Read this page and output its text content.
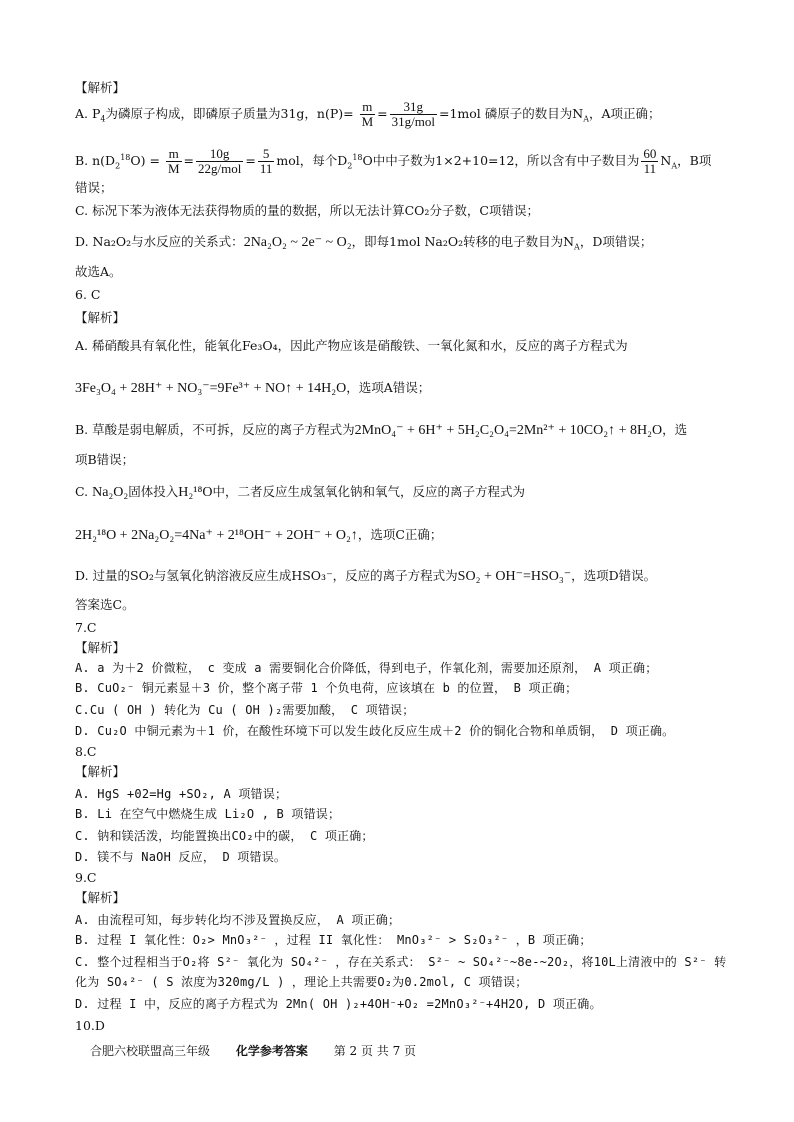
【解析】
A. $P_4$为磷原子构成，即磷原子质量为31g，$n(P)= \frac{m}{M} = \frac{31g}{\text{31g/mol}} =1mol$ 磷原子的数目为$N_A$，A项正确；
B. $n(D_2^{18}O) = \frac{m}{M} = \frac{10g}{\text{22g/mol}} = \frac{5}{11}$ mol，每个$D_2^{18}O$中中子数为1×2+10=12，所以含有中子数目为 $\frac{60}{11} N_A$，B项
错误；
C. 标况下苯为液体无法获得物质的量的数据，所以无法计算CO₂分子数，C项错误；
D. Na₂O₂与水反应的关系式：2Na₂O₂ ~ 2e⁻ ~ O₂，即每1mol Na₂O₂转移的电子数目为$N_A$，D项错误；
故选A。
6. C
【解析】
A. 稀硝酸具有氧化性，能氧化Fe₃O₄，因此产物应该是硝酸铁、一氧化氮和水，反应的离子方程式为
3Fe₃O₄ + 28H⁺ + NO₃⁻=9Fe³⁺ + NO↑ + 14H₂O，选项A错误；
B. 草酸是弱电解质，不可拆，反应的离子方程式为2MnO₄⁻ + 6H⁺ + 5H₂C₂O₄=2Mn²⁺ + 10CO₂↑ + 8H₂O，选
项B错误；
C. Na₂O₂固体投入H₂¹⁸O中，二者反应生成氢氧化钠和氧气，反应的离子方程式为
2H₂¹⁸O + 2Na₂O₂=4Na⁺ + 2¹⁸OH⁻ + 2OH⁻ + O₂↑，选项C正确；
D. 过量的SO₂与氢氧化钠溶液反应生成HSO₃⁻，反应的离子方程式为SO₂ + OH⁻=HSO₃⁻，选项D错误。
答案选C。
7.C
【解析】
A. a 为＋2 价微粒， c 变成 a 需要铜化合价降低，得到电子，作氧化剂，需要加还原剂， A 项正确；
B. CuO₂⁻ 铜元素显＋3 价，整个离子带 1 个负电荷，应该填在 b 的位置， B 项正确；
C.Cu ( OH ) 转化为 Cu ( OH )₂需要加酸， C 项错误；
D. Cu₂O 中铜元素为＋1 价，在酸性环境下可以发生歧化反应生成＋2 价的铜化合物和单质铜， D 项正确。
8.C
【解析】
A. HgS +02=Hg +SO₂, A 项错误；
B. Li 在空气中燃烧生成 Li₂O , B 项错误；
C. 钠和镁活泼，均能置换出CO₂中的碳， C 项正确；
D. 镁不与 NaOH 反应， D 项错误。
9.C
【解析】
A. 由流程可知，每步转化均不涉及置换反应， A 项正确；
B. 过程 I 氧化性：O₂> MnO₃²⁻ ，过程 II 氧化性： MnO₃²⁻ > S₂O₃²⁻ ，B 项正确；
C. 整个过程相当于O₂将 S²⁻ 氧化为 SO₄²⁻ ，存在关系式： S²⁻ ~ SO₄²⁻~8e-~2O₂，将10L上清液中的 S²⁻ 转
化为 SO₄²⁻ ( S 浓度为320mg/L ) ，理论上共需要O₂为0.2mol, C 项错误；
D. 过程 I 中，反应的离子方程式为 2Mn( OH )₂+4OH⁻+O₂ =2MnO₃²⁻+4H2O, D 项正确。
10.D
合肥六校联盟高三年级 化学参考答案 第 2 页 共 7 页
